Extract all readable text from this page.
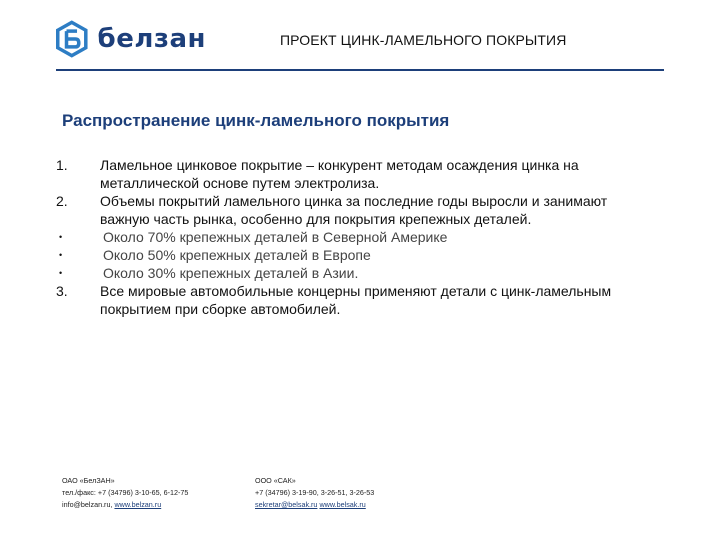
белзан	ПРОЕКТ ЦИНК-ЛАМЕЛЬНОГО ПОКРЫТИЯ
Распространение цинк-ламельного покрытия
1.	Ламельное цинковое покрытие – конкурент методам осаждения цинка на металлической основе путем электролиза.
2.	Объемы покрытий ламельного цинка за последние годы выросли и занимают важную часть рынка, особенно для покрытия крепежных деталей.
•	Около 70% крепежных деталей в Северной Америке
•	Около 50% крепежных деталей в Европе
•	Около 30% крепежных деталей в Азии.
3.	Все мировые автомобильные концерны применяют детали с цинк-ламельным покрытием при сборке автомобилей.
ОАО «БелЗАН»
тел./факс: +7 (34796) 3-10-65, 6-12-75
info@belzan.ru, www.belzan.ru
ООО «САК»
+7 (34796) 3-19-90, 3-26-51, 3-26-53
sekretar@belsak.ru www.belsak.ru
